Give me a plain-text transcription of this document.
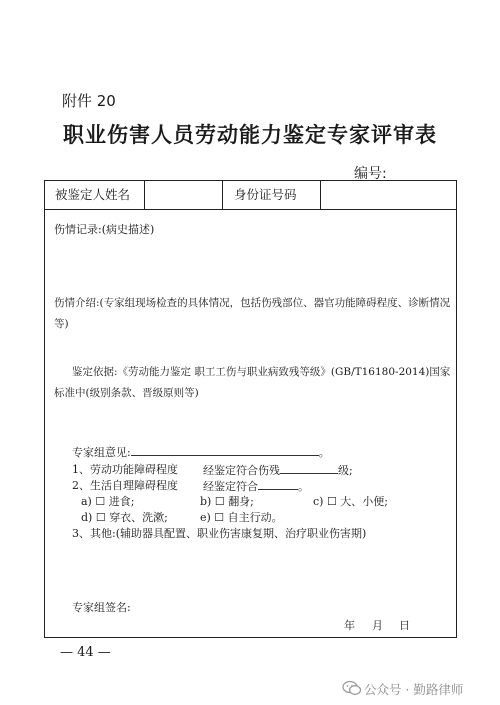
附件 20
职业伤害人员劳动能力鉴定专家评审表
编号:
被鉴定人姓名	身份证号码
伤情记录:(病史描述)
伤情介绍:(专家组现场检查的具体情况，包括伤残部位、器官功能障碍程度、诊断情况
等)
鉴定依据:《劳动能力鉴定 职工工伤与职业病致残等级》(GB/T16180-2014)国家
标准中(级别条款、晋级原则等)
专家组意见:	。
1、劳动功能障碍程度 经鉴定符合伤残	级;
2、生活自理障碍程度 经鉴定符合	。
a) ☐ 进食;	b) ☐ 翻身;	c) ☐ 大、小便;
d) ☐ 穿衣、洗漱;	e) ☐ 自主行动。
3、其他:(辅助器具配置、职业伤害康复期、治疗职业伤害期)
专家组签名:
年 月 日
— 44 —
公众号 · 勤路律师
